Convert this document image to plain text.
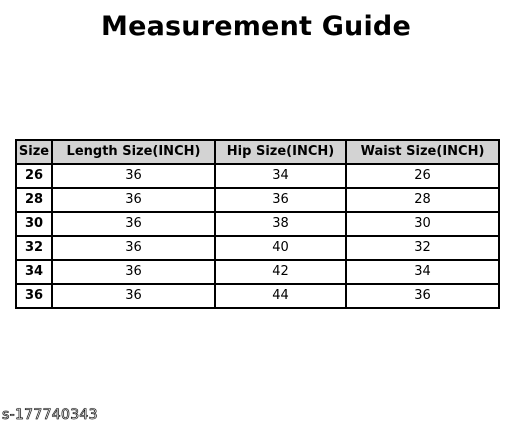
Measurement Guide
Size	Length Size(INCH)	Hip Size(INCH)	Waist Size(INCH)
26	36	34	26
28	36	36	28
30	36	38	30
32	36	40	32
34	36	42	34
36	36	44	36
s-177740343
